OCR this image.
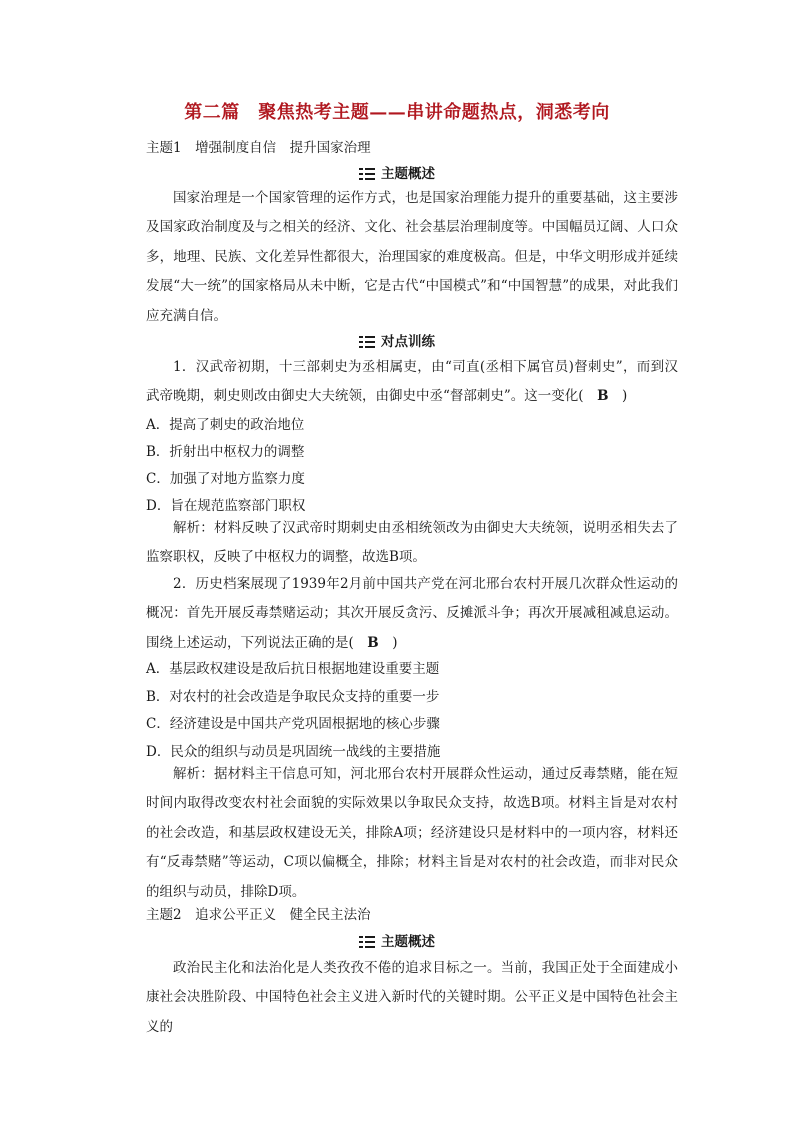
第二篇　聚焦热考主题——串讲命题热点，洞悉考向
主题1　增强制度自信　提升国家治理
主题概述
国家治理是一个国家管理的运作方式，也是国家治理能力提升的重要基础，这主要涉及国家政治制度及与之相关的经济、文化、社会基层治理制度等。中国幅员辽阔、人口众多，地理、民族、文化差异性都很大，治理国家的难度极高。但是，中华文明形成并延续发展“大一统”的国家格局从未中断，它是古代“中国模式”和“中国智慧”的成果，对此我们应充满自信。
对点训练
1．汉武帝初期，十三部刺史为丞相属吏，由“司直(丞相下属官员)督刺史”，而到汉武帝晚期，刺史则改由御史大夫统领，由御史中丞“督部刺史”。这一变化(  B  )
A．提高了刺史的政治地位
B．折射出中枢权力的调整
C．加强了对地方监察力度
D．旨在规范监察部门职权
解析：材料反映了汉武帝时期刺史由丞相统领改为由御史大夫统领，说明丞相失去了监察职权，反映了中枢权力的调整，故选B项。
2．历史档案展现了1939年2月前中国共产党在河北邢台农村开展几次群众性运动的概况：首先开展反毒禁赌运动；其次开展反贪污、反摊派斗争；再次开展减租减息运动。围绕上述运动，下列说法正确的是(  B  )
A．基层政权建设是敌后抗日根据地建设重要主题
B．对农村的社会改造是争取民众支持的重要一步
C．经济建设是中国共产党巩固根据地的核心步骤
D．民众的组织与动员是巩固统一战线的主要措施
解析：据材料主干信息可知，河北邢台农村开展群众性运动，通过反毒禁赌，能在短时间内取得改变农村社会面貌的实际效果以争取民众支持，故选B项。材料主旨是对农村的社会改造，和基层政权建设无关，排除A项；经济建设只是材料中的一项内容，材料还有“反毒禁赌”等运动，C项以偏概全，排除；材料主旨是对农村的社会改造，而非对民众的组织与动员，排除D项。
主题2　追求公平正义　健全民主法治
主题概述
政治民主化和法治化是人类孜孜不倦的追求目标之一。当前，我国正处于全面建成小康社会决胜阶段、中国特色社会主义进入新时代的关键时期。公平正义是中国特色社会主义的
